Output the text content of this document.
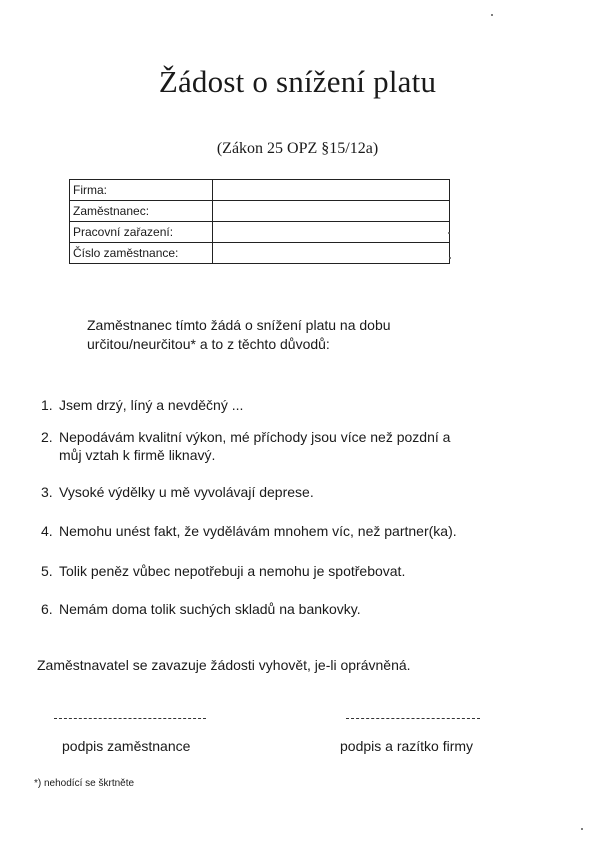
Žádost o snížení platu
(Zákon 25 OPZ §15/12a)
Firma:	
Zaměstnanec:	
Pracovní zařazení:	
Číslo zaměstnance:	
Zaměstnanec tímto žádá o snížení platu na dobu
určitou/neurčitou* a to z těchto důvodů:
1. Jsem drzý, líný a nevděčný ...
2. Nepodávám kvalitní výkon, mé příchody jsou více než pozdní a
můj vztah k firmě liknavý.
3. Vysoké výdělky u mě vyvolávají deprese.
4. Nemohu unést fakt, že vydělávám mnohem víc, než partner(ka).
5. Tolik peněz vůbec nepotřebuji a nemohu je spotřebovat.
6. Nemám doma tolik suchých skladů na bankovky.
Zaměstnavatel se zavazuje žádosti vyhovět, je-li oprávněná.
podpis zaměstnance	podpis a razítko firmy
*) nehodící se škrtněte
